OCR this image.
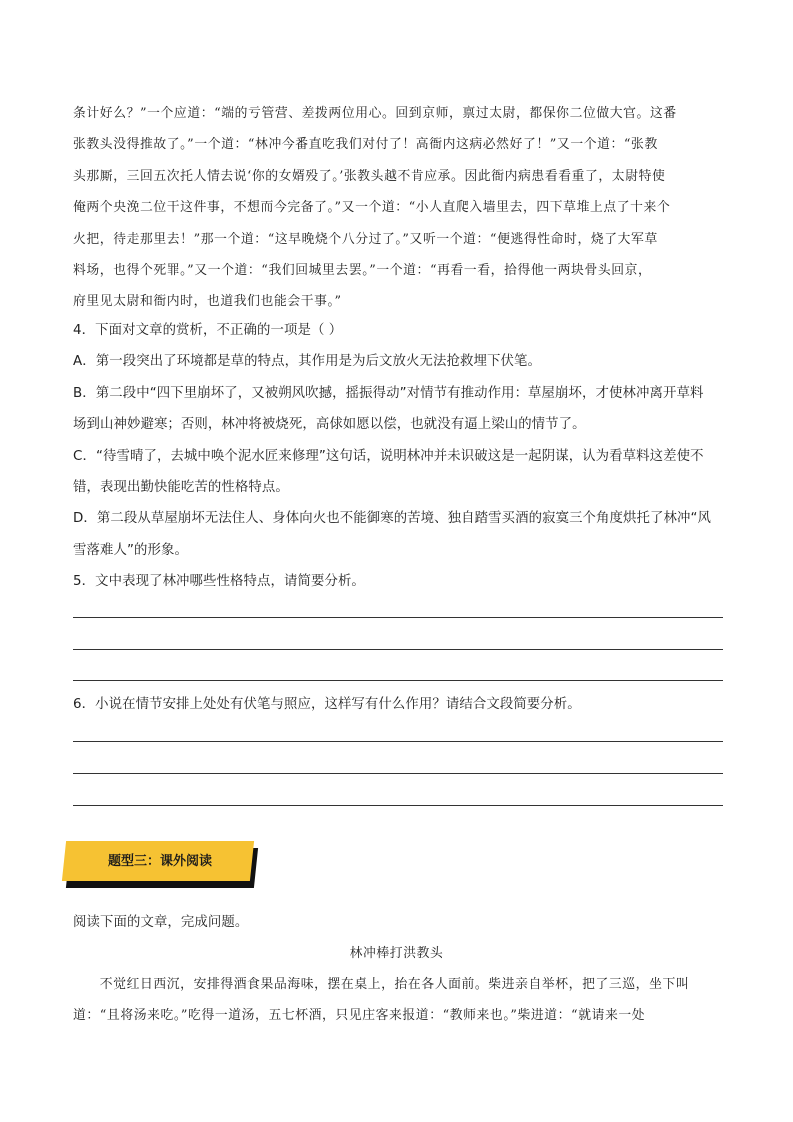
条计好么？”一个应道：“端的亏管营、差拨两位用心。回到京师，禀过太尉，都保你二位做大官。这番
张教头没得推故了。”一个道：“林冲今番直吃我们对付了！高衙内这病必然好了！”又一个道：“张教
头那厮，三回五次托人情去说‘你的女婿殁了。’张教头越不肯应承。因此衙内病患看看重了，太尉特使
俺两个央浼二位干这件事，不想而今完备了。”又一个道：“小人直爬入墙里去，四下草堆上点了十来个
火把，待走那里去！”那一个道：“这早晚烧个八分过了。”又听一个道：“便逃得性命时，烧了大军草
料场，也得个死罪。”又一个道：“我们回城里去罢。”一个道：“再看一看，拾得他一两块骨头回京，
府里见太尉和衙内时，也道我们也能会干事。”
4．下面对文章的赏析，不正确的一项是（ ）
A．第一段突出了环境都是草的特点，其作用是为后文放火无法抢救埋下伏笔。
B．第二段中“四下里崩坏了，又被朔风吹撼，摇振得动”对情节有推动作用：草屋崩坏，才使林冲离开草料
场到山神妙避寒；否则，林冲将被烧死，高俅如愿以偿，也就没有逼上梁山的情节了。
C．“待雪晴了，去城中唤个泥水匠来修理”这句话，说明林冲并未识破这是一起阴谋，认为看草料这差使不
错，表现出勤快能吃苦的性格特点。
D．第二段从草屋崩坏无法住人、身体向火也不能御寒的苦境、独自踏雪买酒的寂寞三个角度烘托了林冲“风
雪落难人”的形象。
5．文中表现了林冲哪些性格特点，请简要分析。
6．小说在情节安排上处处有伏笔与照应，这样写有什么作用？请结合文段简要分析。
题型三：课外阅读
阅读下面的文章，完成问题。
林冲棒打洪教头
　　不觉红日西沉，安排得酒食果品海味，摆在桌上，抬在各人面前。柴进亲自举杯，把了三巡，坐下叫
道：“且将汤来吃。”吃得一道汤，五七杯酒，只见庄客来报道：“教师来也。”柴进道：“就请来一处
